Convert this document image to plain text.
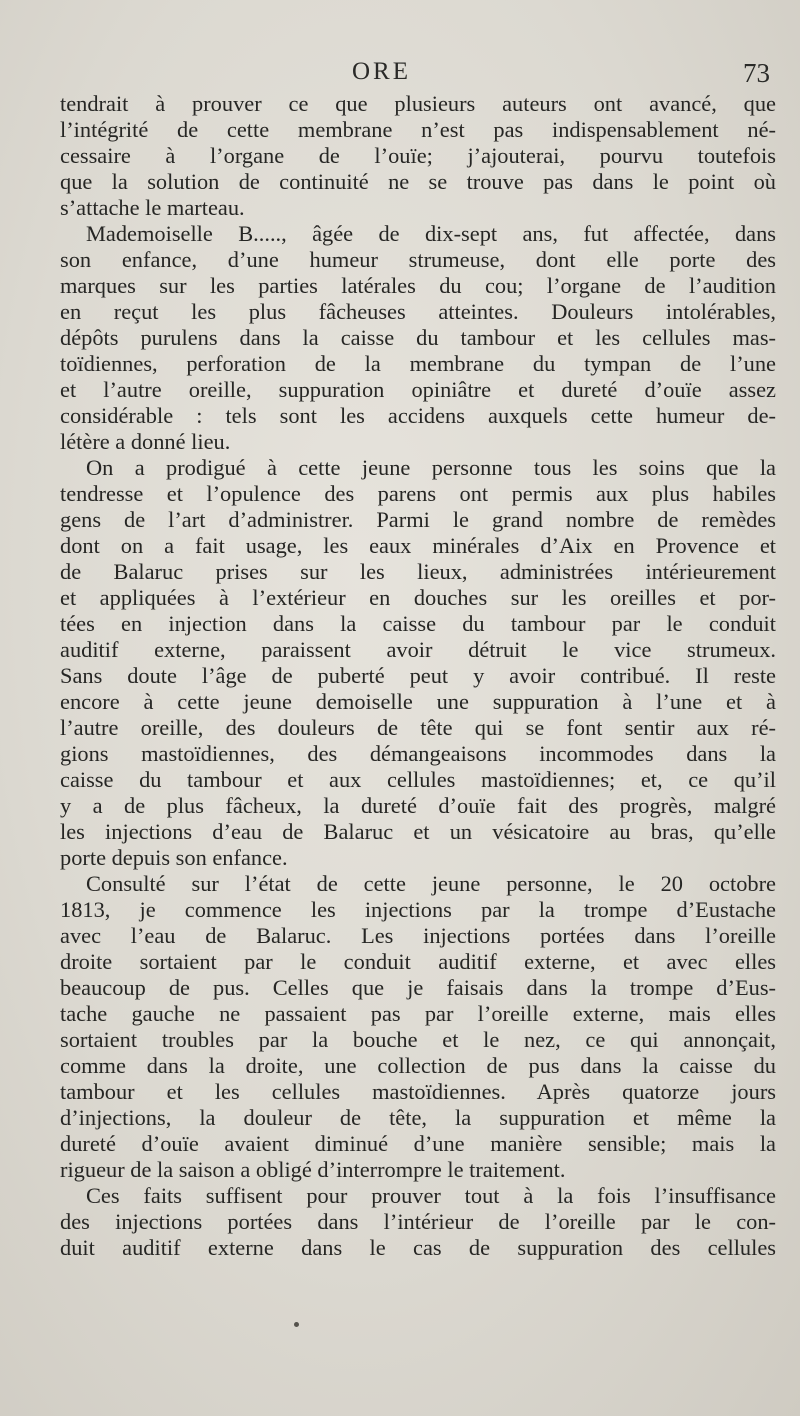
ORE	73
tendrait à prouver ce que plusieurs auteurs ont avancé, que
l’intégrité de cette membrane n’est pas indispensablement né-
cessaire à l’organe de l’ouïe; j’ajouterai, pourvu toutefois
que la solution de continuité ne se trouve pas dans le point où
s’attache le marteau.
Mademoiselle B....., âgée de dix-sept ans, fut affectée, dans
son enfance, d’une humeur strumeuse, dont elle porte des
marques sur les parties latérales du cou; l’organe de l’audition
en reçut les plus fâcheuses atteintes. Douleurs intolérables,
dépôts purulens dans la caisse du tambour et les cellules mas-
toïdiennes, perforation de la membrane du tympan de l’une
et l’autre oreille, suppuration opiniâtre et dureté d’ouïe assez
considérable : tels sont les accidens auxquels cette humeur de-
létère a donné lieu.
On a prodigué à cette jeune personne tous les soins que la
tendresse et l’opulence des parens ont permis aux plus habiles
gens de l’art d’administrer. Parmi le grand nombre de remèdes
dont on a fait usage, les eaux minérales d’Aix en Provence et
de Balaruc prises sur les lieux, administrées intérieurement
et appliquées à l’extérieur en douches sur les oreilles et por-
tées en injection dans la caisse du tambour par le conduit
auditif externe, paraissent avoir détruit le vice strumeux.
Sans doute l’âge de puberté peut y avoir contribué. Il reste
encore à cette jeune demoiselle une suppuration à l’une et à
l’autre oreille, des douleurs de tête qui se font sentir aux ré-
gions mastoïdiennes, des démangeaisons incommodes dans la
caisse du tambour et aux cellules mastoïdiennes; et, ce qu’il
y a de plus fâcheux, la dureté d’ouïe fait des progrès, malgré
les injections d’eau de Balaruc et un vésicatoire au bras, qu’elle
porte depuis son enfance.
Consulté sur l’état de cette jeune personne, le 20 octobre
1813, je commence les injections par la trompe d’Eustache
avec l’eau de Balaruc. Les injections portées dans l’oreille
droite sortaient par le conduit auditif externe, et avec elles
beaucoup de pus. Celles que je faisais dans la trompe d’Eus-
tache gauche ne passaient pas par l’oreille externe, mais elles
sortaient troubles par la bouche et le nez, ce qui annonçait,
comme dans la droite, une collection de pus dans la caisse du
tambour et les cellules mastoïdiennes. Après quatorze jours
d’injections, la douleur de tête, la suppuration et même la
dureté d’ouïe avaient diminué d’une manière sensible; mais la
rigueur de la saison a obligé d’interrompre le traitement.
Ces faits suffisent pour prouver tout à la fois l’insuffisance
des injections portées dans l’intérieur de l’oreille par le con-
duit auditif externe dans le cas de suppuration des cellules
